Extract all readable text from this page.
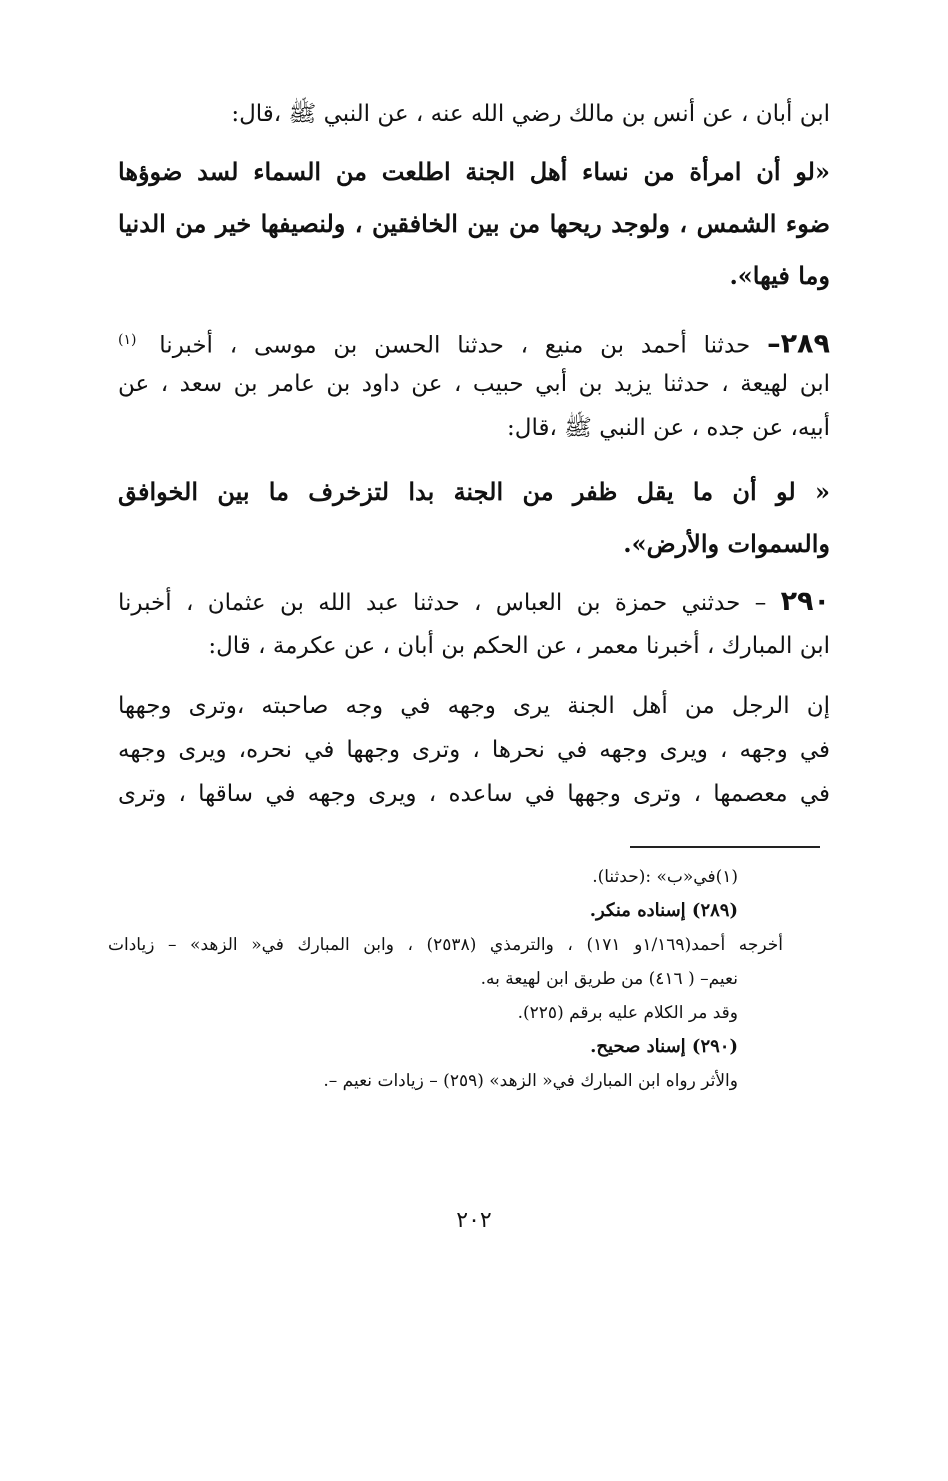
ابن أبان ، عن أنس بن مالك رضي الله عنه ، عن النبي ﷺ ،قال:
«لو أن امرأة من نساء أهل الجنة اطلعت من السماء لسد ضوؤها
ضوء الشمس ، ولوجد ريحها من بين الخافقين ، ولنصيفها خير من الدنيا
وما فيها».
٢٨٩– حدثنا أحمد بن منيع ، حدثنا الحسن بن موسى ، أخبرنا $^{(١)}$
ابن لهيعة ، حدثنا يزيد بن أبي حبيب ، عن داود بن عامر بن سعد ، عن
أبيه، عن جده ، عن النبي ﷺ ،قال:
« لو أن ما يقل ظفر من الجنة بدا لتزخرف ما بين الخوافق
والسموات والأرض».
٢٩٠ – حدثني حمزة بن العباس ، حدثنا عبد الله بن عثمان ، أخبرنا
ابن المبارك ، أخبرنا معمر ، عن الحكم بن أبان ، عن عكرمة ، قال:
إن الرجل من أهل الجنة يرى وجهه في وجه صاحبته ،وترى وجهها
في وجهه ، ويرى وجهه في نحرها ، وترى وجهها في نحره، ويرى وجهه
في معصمها ، وترى وجهها في ساعده ، ويرى وجهه في ساقها ، وترى
(١)في«ب» :(حدثنا).
(٢٨٩) إسناده منكر.
أخرجه أحمد(١/١٦٩و ١٧١) ، والترمذي (٢٥٣٨) ، وابن المبارك في« الزهد» – زيادات
نعيم– ( ٤١٦) من طريق ابن لهيعة به.
وقد مر الكلام عليه برقم (٢٢٥).
(٢٩٠) إسناد صحيح.
والأثر رواه ابن المبارك في« الزهد» (٢٥٩) – زيادات نعيم –.
٢٠٢
